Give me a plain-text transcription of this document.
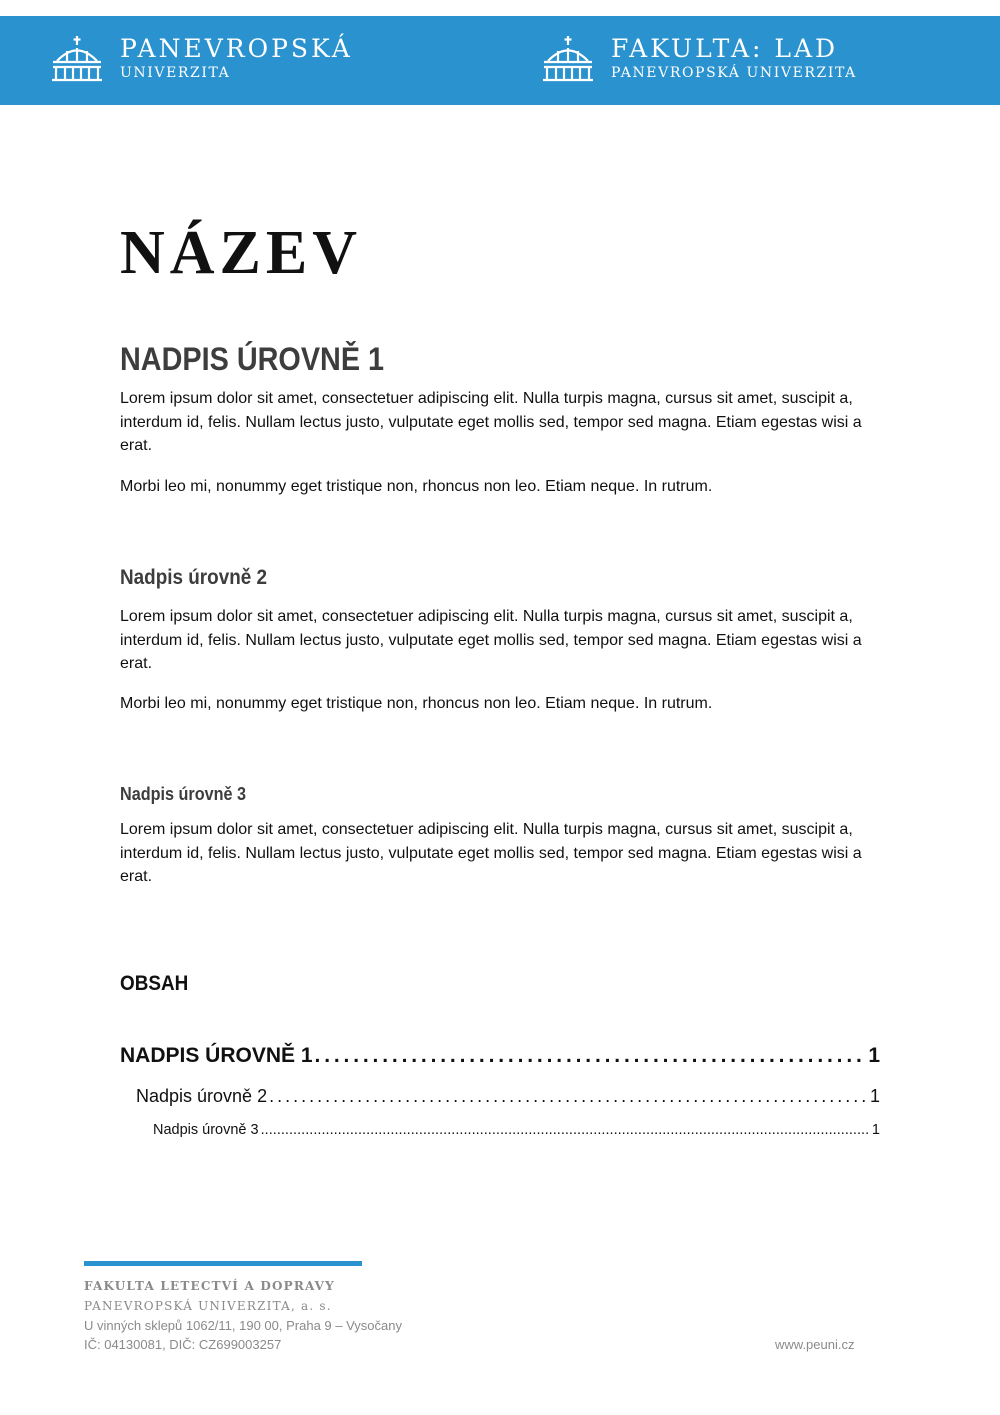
PANEVROPSKÁ
UNIVERZITA
FAKULTA: LAD
PANEVROPSKÁ UNIVERZITA
NÁZEV
NADPIS ÚROVNĚ 1

Lorem ipsum dolor sit amet, consectetuer adipiscing elit. Nulla turpis magna, cursus sit amet, suscipit a, interdum id, felis. Nullam lectus justo, vulputate eget mollis sed, tempor sed magna. Etiam egestas wisi a erat.

Morbi leo mi, nonummy eget tristique non, rhoncus non leo. Etiam neque. In rutrum.

Nadpis úrovně 2

Lorem ipsum dolor sit amet, consectetuer adipiscing elit. Nulla turpis magna, cursus sit amet, suscipit a, interdum id, felis. Nullam lectus justo, vulputate eget mollis sed, tempor sed magna. Etiam egestas wisi a erat.

Morbi leo mi, nonummy eget tristique non, rhoncus non leo. Etiam neque. In rutrum.

Nadpis úrovně 3

Lorem ipsum dolor sit amet, consectetuer adipiscing elit. Nulla turpis magna, cursus sit amet, suscipit a, interdum id, felis. Nullam lectus justo, vulputate eget mollis sed, tempor sed magna. Etiam egestas wisi a erat.

OBSAH
NADPIS ÚROVNĚ 1 . . .	1
Nadpis úrovně 2 . . .	1
Nadpis úrovně 3 . . .	1

FAKULTA LETECTVÍ A DOPRAVY

PANEVROPSKÁ UNIVERZITA, a. s.

U vinných sklepů 1062/11, 190 00, Praha 9 – Vysočany

IČ: 04130081, DIČ: CZ699003257	www.peuni.cz
